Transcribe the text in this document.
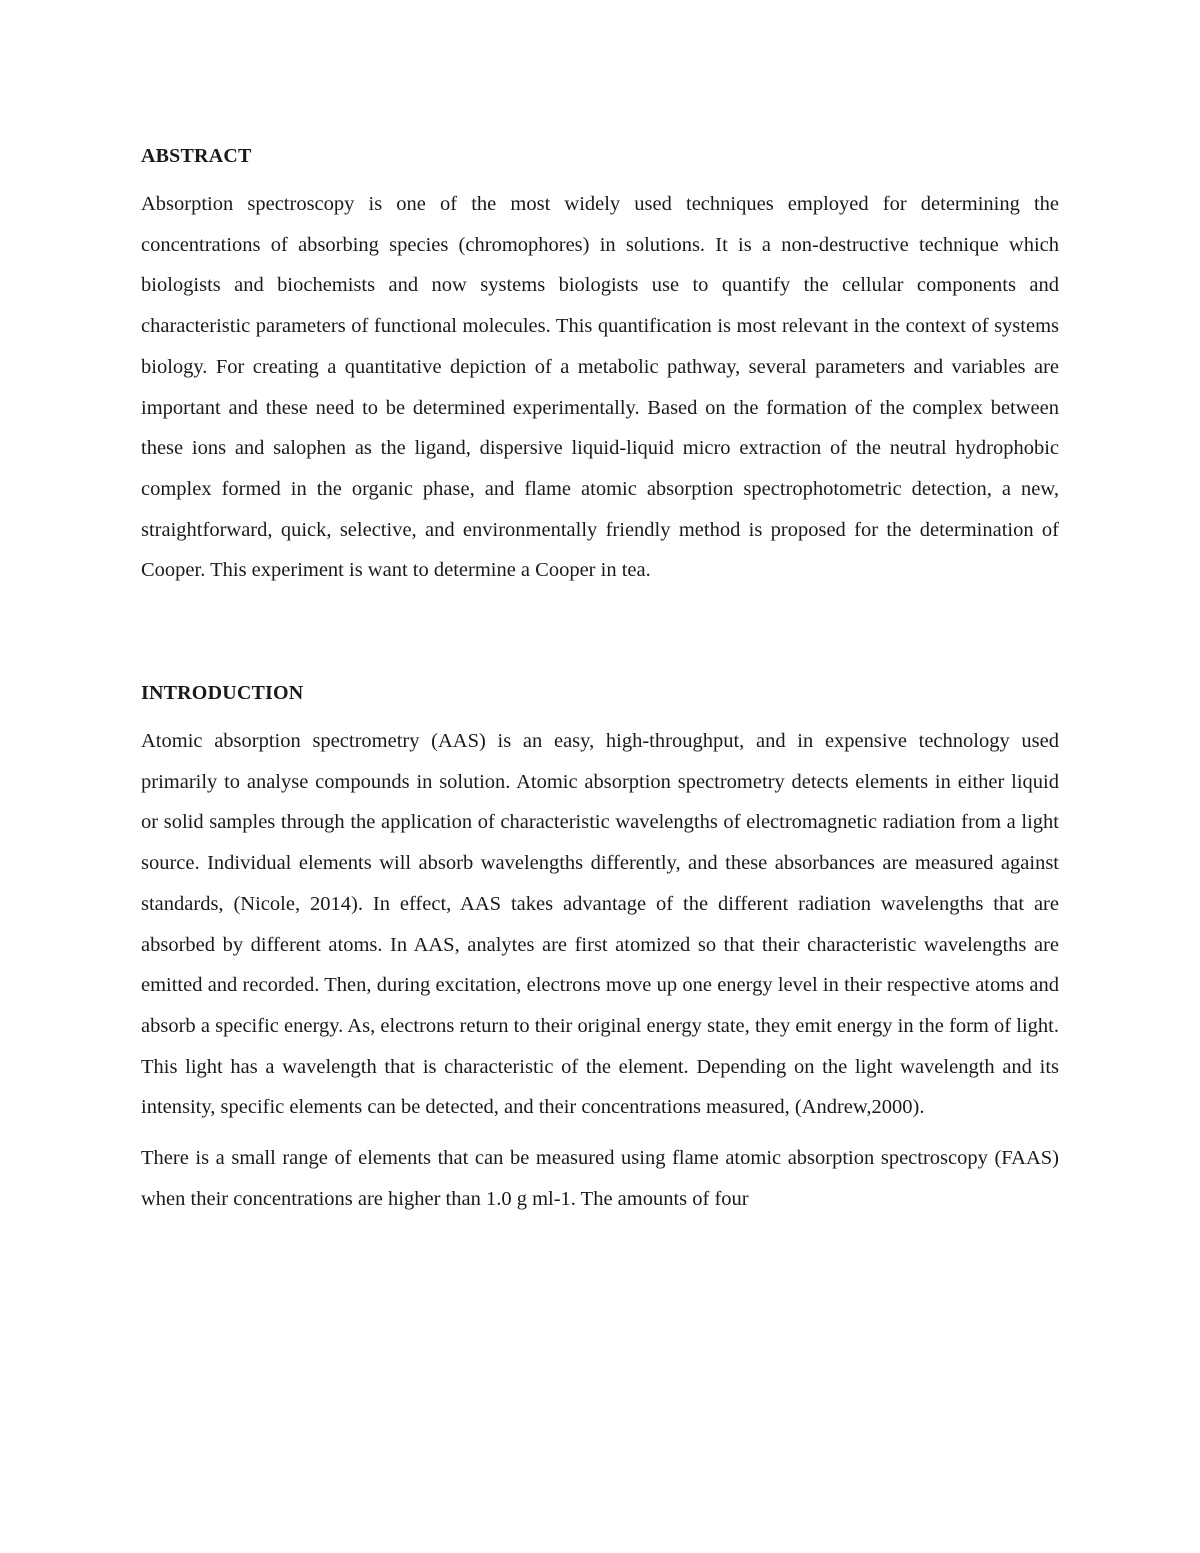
ABSTRACT

Absorption spectroscopy is one of the most widely used techniques employed for determining the concentrations of absorbing species (chromophores) in solutions. It is a non-destructive technique which biologists and biochemists and now systems biologists use to quantify the cellular components and characteristic parameters of functional molecules. This quantification is most relevant in the context of systems biology. For creating a quantitative depiction of a metabolic pathway, several parameters and variables are important and these need to be determined experimentally. Based on the formation of the complex between these ions and salophen as the ligand, dispersive liquid-liquid micro extraction of the neutral hydrophobic complex formed in the organic phase, and flame atomic absorption spectrophotometric detection, a new, straightforward, quick, selective, and environmentally friendly method is proposed for the determination of Cooper. This experiment is want to determine a Cooper in tea.

INTRODUCTION

Atomic absorption spectrometry (AAS) is an easy, high-throughput, and in expensive technology used primarily to analyse compounds in solution. Atomic absorption spectrometry detects elements in either liquid or solid samples through the application of characteristic wavelengths of electromagnetic radiation from a light source. Individual elements will absorb wavelengths differently, and these absorbances are measured against standards, (Nicole, 2014). In effect, AAS takes advantage of the different radiation wavelengths that are absorbed by different atoms. In AAS, analytes are first atomized so that their characteristic wavelengths are emitted and recorded. Then, during excitation, electrons move up one energy level in their respective atoms and absorb a specific energy. As, electrons return to their original energy state, they emit energy in the form of light. This light has a wavelength that is characteristic of the element. Depending on the light wavelength and its intensity, specific elements can be detected, and their concentrations measured, (Andrew,2000).

There is a small range of elements that can be measured using flame atomic absorption spectroscopy (FAAS) when their concentrations are higher than 1.0 g ml-1. The amounts of four
